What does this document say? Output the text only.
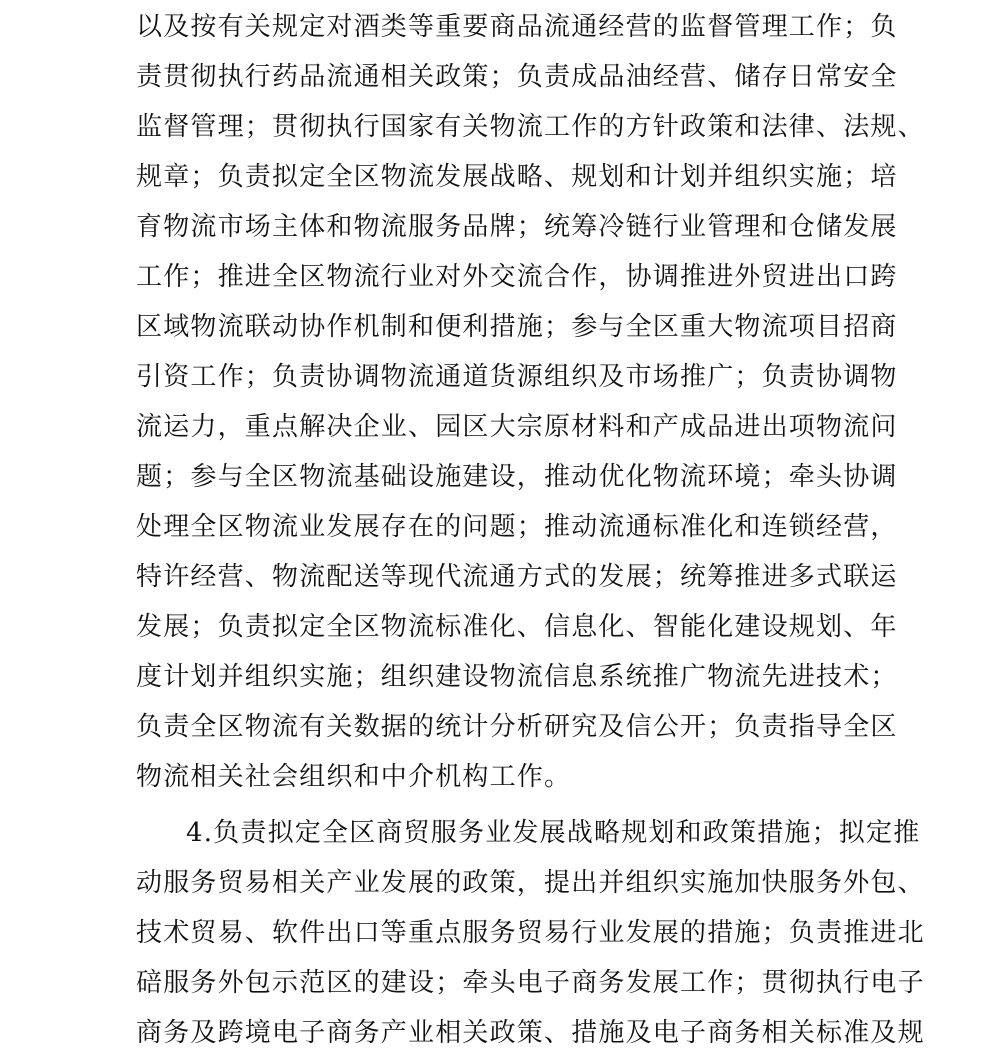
以及按有关规定对酒类等重要商品流通经营的监督管理工作；负
责贯彻执行药品流通相关政策；负责成品油经营、储存日常安全
监督管理；贯彻执行国家有关物流工作的方针政策和法律、法规、
规章；负责拟定全区物流发展战略、规划和计划并组织实施；培
育物流市场主体和物流服务品牌；统筹冷链行业管理和仓储发展
工作；推进全区物流行业对外交流合作，协调推进外贸进出口跨
区域物流联动协作机制和便利措施；参与全区重大物流项目招商
引资工作；负责协调物流通道货源组织及市场推广；负责协调物
流运力，重点解决企业、园区大宗原材料和产成品进出项物流问
题；参与全区物流基础设施建设，推动优化物流环境；牵头协调
处理全区物流业发展存在的问题；推动流通标准化和连锁经营，
特许经营、物流配送等现代流通方式的发展；统筹推进多式联运
发展；负责拟定全区物流标准化、信息化、智能化建设规划、年
度计划并组织实施；组织建设物流信息系统推广物流先进技术；
负责全区物流有关数据的统计分析研究及信公开；负责指导全区
物流相关社会组织和中介机构工作。
4.负责拟定全区商贸服务业发展战略规划和政策措施；拟定推
动服务贸易相关产业发展的政策，提出并组织实施加快服务外包、
技术贸易、软件出口等重点服务贸易行业发展的措施；负责推进北
碚服务外包示范区的建设；牵头电子商务发展工作；贯彻执行电子
商务及跨境电子商务产业相关政策、措施及电子商务相关标准及规
